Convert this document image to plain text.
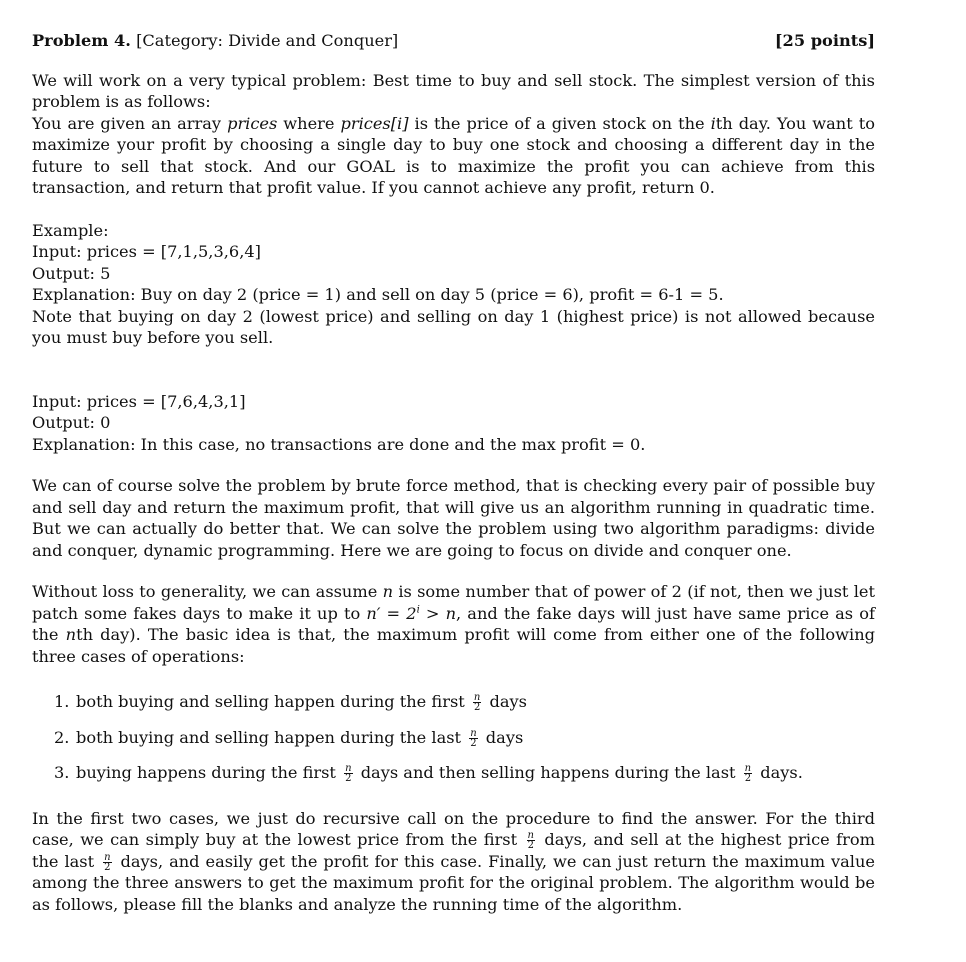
Problem 4. [Category: Divide and Conquer]	[25 points]

We will work on a very typical problem: Best time to buy and sell stock. The simplest version of this problem is as follows:

You are given an array prices where prices[i] is the price of a given stock on the ith day. You want to maximize your profit by choosing a single day to buy one stock and choosing a different day in the future to sell that stock. And our GOAL is to maximize the profit you can achieve from this transaction, and return that profit value. If you cannot achieve any profit, return 0.

Example:

Input: prices = [7,1,5,3,6,4]

Output: 5

Explanation: Buy on day 2 (price = 1) and sell on day 5 (price = 6), profit = 6-1 = 5.

Note that buying on day 2 (lowest price) and selling on day 1 (highest price) is not allowed because you must buy before you sell.

Input: prices = [7,6,4,3,1]

Output: 0

Explanation: In this case, no transactions are done and the max profit = 0.

We can of course solve the problem by brute force method, that is checking every pair of possible buy and sell day and return the maximum profit, that will give us an algorithm running in quadratic time. But we can actually do better that. We can solve the problem using two algorithm paradigms: divide and conquer, dynamic programming. Here we are going to focus on divide and conquer one.

Without loss to generality, we can assume n is some number that of power of 2 (if not, then we just let patch some fakes days to make it up to $n' = 2^i > n$, and the fake days will just have same price as of the nth day). The basic idea is that, the maximum profit will come from either one of the following three cases of operations:

1. both buying and selling happen during the first $\frac{n}{2}$ days
2. both buying and selling happen during the last $\frac{n}{2}$ days
3. buying happens during the first $\frac{n}{2}$ days and then selling happens during the last $\frac{n}{2}$ days.

In the first two cases, we just do recursive call on the procedure to find the answer. For the third case, we can simply buy at the lowest price from the first $\frac{n}{2}$ days, and sell at the highest price from the last $\frac{n}{2}$ days, and easily get the profit for this case. Finally, we can just return the maximum value among the three answers to get the maximum profit for the original problem. The algorithm would be as follows, please fill the blanks and analyze the running time of the algorithm.
